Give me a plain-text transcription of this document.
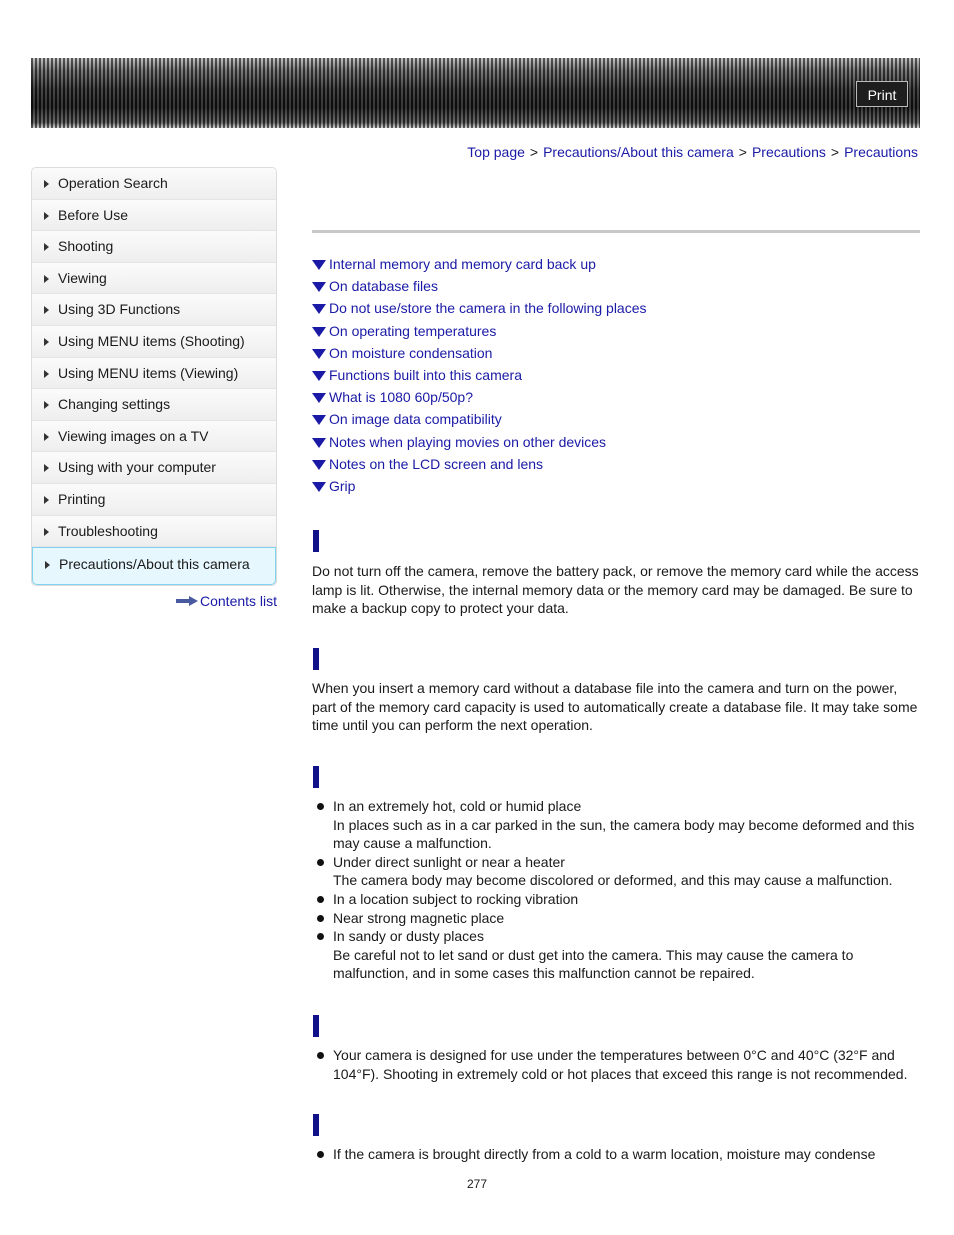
Print
Top page > Precautions/About this camera > Precautions > Precautions
Operation Search
Before Use
Shooting
Viewing
Using 3D Functions
Using MENU items (Shooting)
Using MENU items (Viewing)
Changing settings
Viewing images on a TV
Using with your computer
Printing
Troubleshooting
Precautions/About this camera
Contents list
Internal memory and memory card back up
On database files
Do not use/store the camera in the following places
On operating temperatures
On moisture condensation
Functions built into this camera
What is 1080 60p/50p?
On image data compatibility
Notes when playing movies on other devices
Notes on the LCD screen and lens
Grip

Do not turn off the camera, remove the battery pack, or remove the memory card while the access lamp is lit. Otherwise, the internal memory data or the memory card may be damaged. Be sure to make a backup copy to protect your data.

When you insert a memory card without a database file into the camera and turn on the power, part of the memory card capacity is used to automatically create a database file. It may take some time until you can perform the next operation.

In an extremely hot, cold or humid place
In places such as in a car parked in the sun, the camera body may become deformed and this may cause a malfunction.
Under direct sunlight or near a heater
The camera body may become discolored or deformed, and this may cause a malfunction.
In a location subject to rocking vibration
Near strong magnetic place
In sandy or dusty places
Be careful not to let sand or dust get into the camera. This may cause the camera to malfunction, and in some cases this malfunction cannot be repaired.
Your camera is designed for use under the temperatures between 0°C and 40°C (32°F and 104°F). Shooting in extremely cold or hot places that exceed this range is not recommended.
If the camera is brought directly from a cold to a warm location, moisture may condense
277
